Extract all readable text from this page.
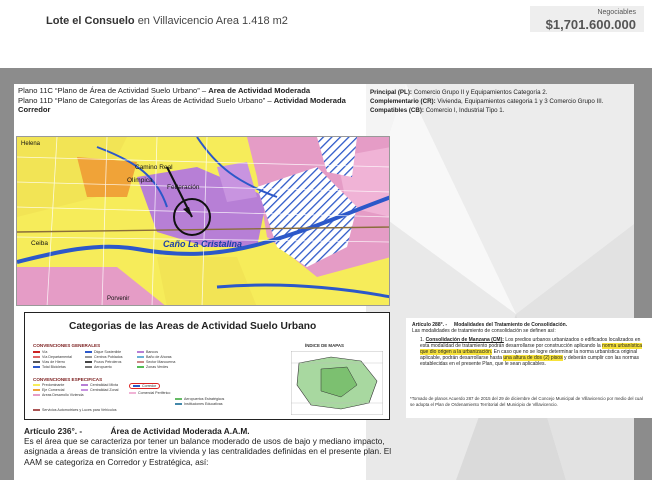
Lote el Consuelo en Villavicencio Area 1.418 m2
Negociables
$1,701.600.000
Plano 11C “Plano de Área de Actividad Suelo Urbano” – Area de Actividad Moderada
Plano 11D “Plano de Categorías de las Áreas de Actividad Suelo Urbano” – Actividad Moderada Corredor
Principal (PL): Comercio Grupo II y Equipamientos Categoría 2.
Complementario (CR): Vivienda, Equipamientos categoria 1 y 3 Comercio Grupo III.
Compatibles (CB): Comercio I, Industrial Tipo 1.
Helena
Camino Real
Olímpica
Federación
Ceiba	Caño La Cristalina
Porvenir
Categorias de las Areas de Actividad Suelo Urbano
CONVENCIONES GENERALES
CONVENCIONES ESPECIFICAS
ÍNDICE DE MAPAS
Vía
Vía Departamental
Vías de Hierro
Total Bicicletas
Dique Sostenible
Centros Poblados
Pozos Petroleros
Aeropuerto
Bancos
Baño de Ahoras
Sector Mancuerna
Zonas Verdes
Predominante
Eje Comercial
Areas Desarrollo Vivienda
Centralidad Mixta
Centralidad Zonal
Corredor
Comercial Periférico
Aeropuertos Estratégicos
Instituciones Educativas
Servicios Automotrices y Luces para Vehículos
Artículo 236°. -	Área de Actividad Moderada A.A.M.
Es el área que se caracteriza por tener un balance moderado de usos de bajo y mediano impacto, asignada a áreas de transición entre la vivienda y las centralidades definidas en el presente plan. El AAM se categoriza en Corredor y Estratégica, así:
Artículo 288°. - Modalidades del Tratamiento de Consolidación.
Las modalidades de tratamiento de consolidación se definen así:
1. Consolidación de Manzana (CM): Los predios urbanos urbanizados o edificados localizados en esta modalidad de tratamiento podrán desarrollarse por construcción aplicando la norma urbanística que dio origen a la urbanización. En caso que no se logre determinar la norma urbanística original aplicable, podrán desarrollarse hasta una altura de dos (2) pisos y deberán cumplir con las normas establecidas en el presente Plan, que le sean aplicables.
*Tomado de planos Acuerdo 287 de 2015 del 29 de diciembre del Concejo Municipal de Villavicencio por medio del cual se adopta el Plan de Ordenamiento Territorial del Municipio de Villavicencio.
